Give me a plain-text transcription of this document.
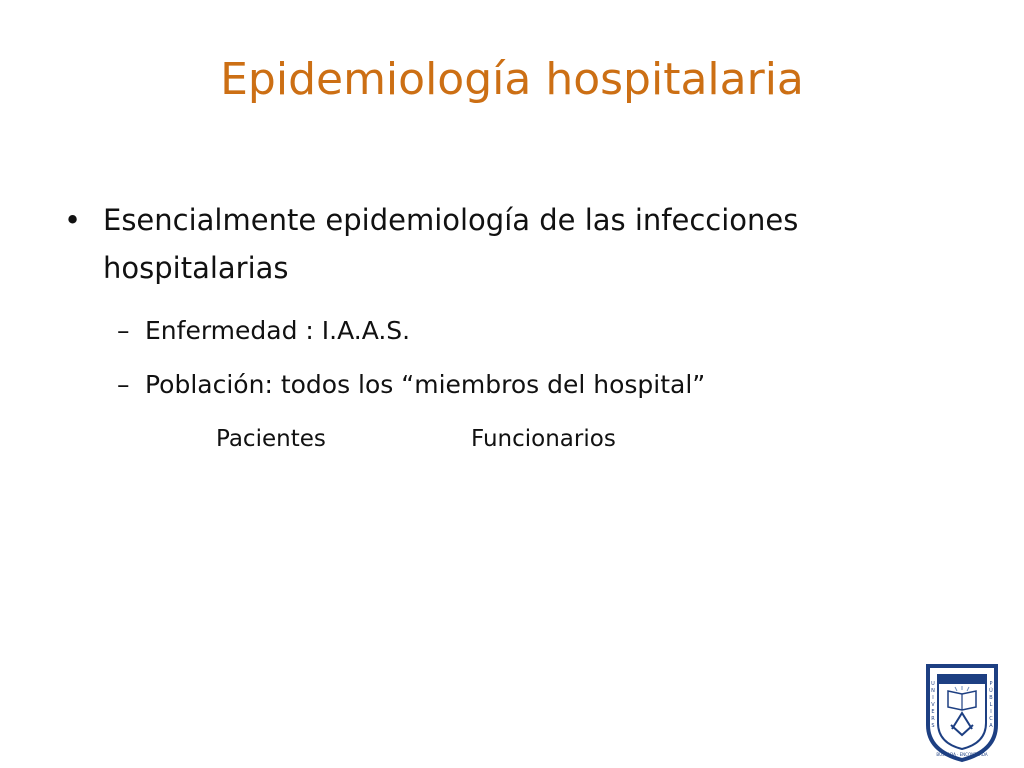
Epidemiología hospitalaria
• Esencialmente epidemiología de las infecciones hospitalarias
– Enfermedad : I.A.A.S.
– Población: todos los “miembros del hospital”
Pacientes	Funcionarios
U
N
I
V
E
R
S
P
Ú
B
L
I
C
A
BUSCADA · ENCONTRADA
